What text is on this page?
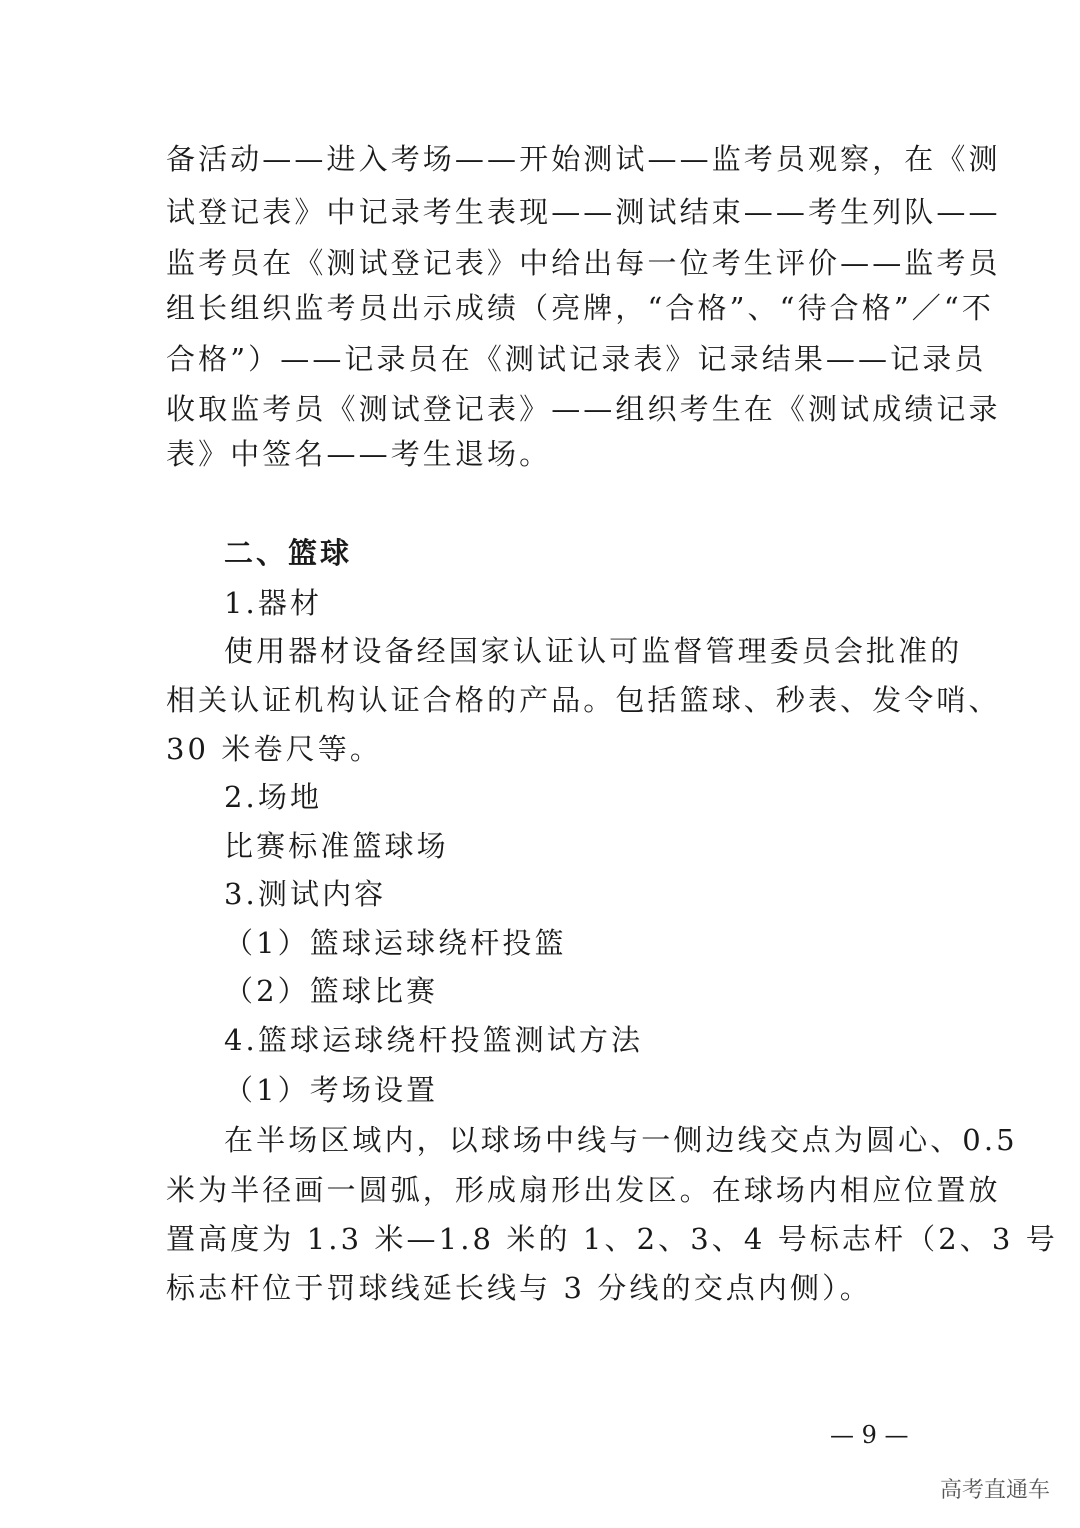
备活动——进入考场——开始测试——监考员观察，在《测
试登记表》中记录考生表现——测试结束——考生列队——
监考员在《测试登记表》中给出每一位考生评价——监考员
组长组织监考员出示成绩（亮牌，“合格”、“待合格”／“不
合格”）——记录员在《测试记录表》记录结果——记录员
收取监考员《测试登记表》——组织考生在《测试成绩记录
表》中签名——考生退场。
二、篮球
1.器材
使用器材设备经国家认证认可监督管理委员会批准的
相关认证机构认证合格的产品。包括篮球、秒表、发令哨、
30 米卷尺等。
2.场地
比赛标准篮球场
3.测试内容
（1）篮球运球绕杆投篮
（2）篮球比赛
4.篮球运球绕杆投篮测试方法
（1）考场设置
在半场区域内，以球场中线与一侧边线交点为圆心、0.5
米为半径画一圆弧，形成扇形出发区。在球场内相应位置放
置高度为 1.3 米—1.8 米的 1、2、3、4 号标志杆（2、3 号
标志杆位于罚球线延长线与 3 分线的交点内侧）。
— 9 —
高考直通车
